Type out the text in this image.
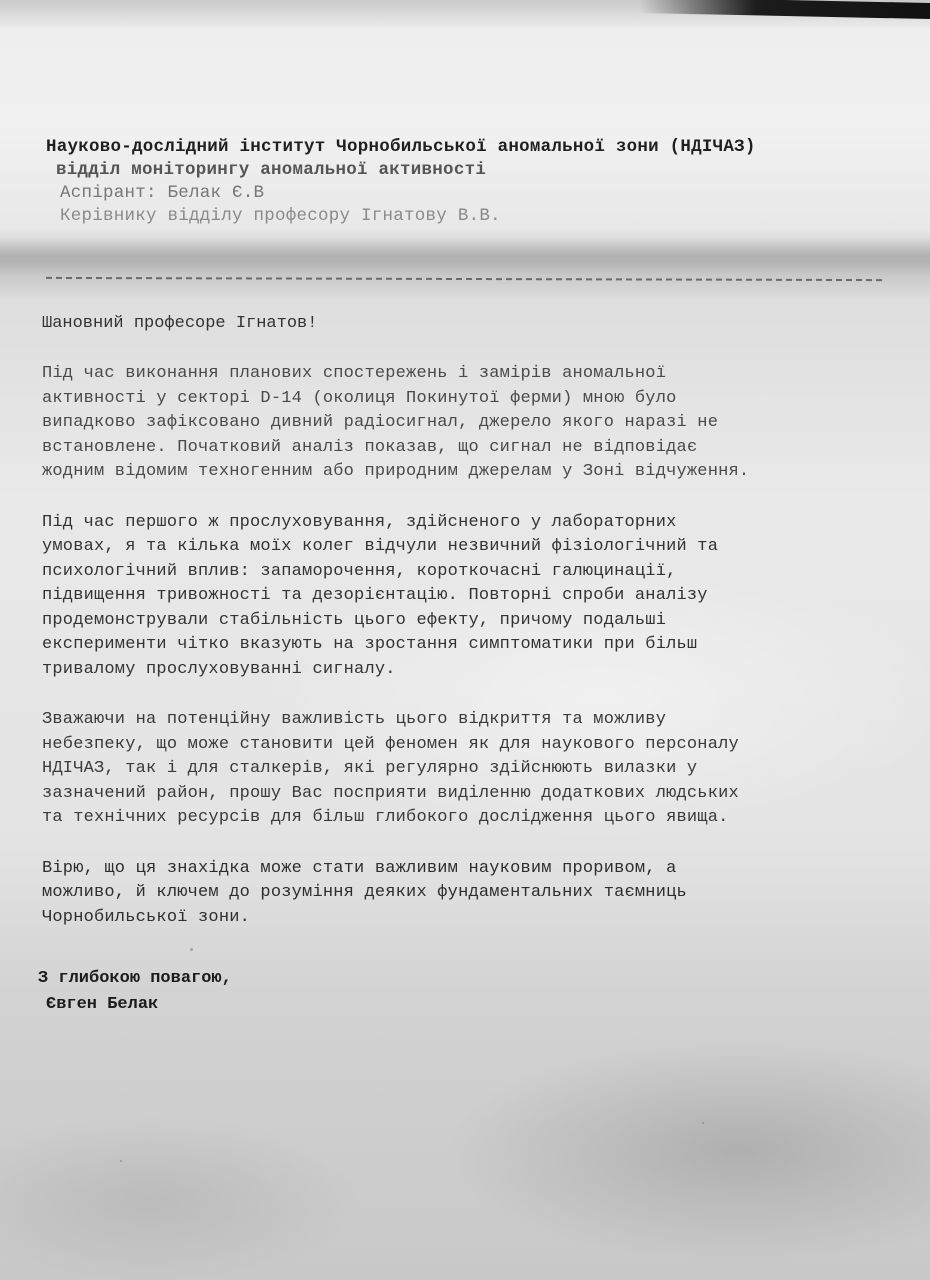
Науково-дослідний інститут Чорнобильської аномальної зони (НДІЧАЗ)
відділ моніторингу аномальної активності
Аспірант: Белак Є.В
Керівнику відділу професору Ігнатову В.В.
Шановний професоре Ігнатов!
Під час виконання планових спостережень і замірів аномальної
активності у секторі D-14 (околиця Покинутої ферми) мною було
випадково зафіксовано дивний радіосигнал, джерело якого наразі не
встановлене. Початковий аналіз показав, що сигнал не відповідає
жодним відомим техногенним або природним джерелам у Зоні відчуження.
Під час першого ж прослуховування, здійсненого у лабораторних
умовах, я та кілька моїх колег відчули незвичний фізіологічний та
психологічний вплив: запаморочення, короткочасні галюцинації,
підвищення тривожності та дезорієнтацію. Повторні спроби аналізу
продемонстрували стабільність цього ефекту, причому подальші
експерименти чітко вказують на зростання симптоматики при більш
тривалому прослуховуванні сигналу.
Зважаючи на потенційну важливість цього відкриття та можливу
небезпеку, що може становити цей феномен як для наукового персоналу
НДІЧАЗ, так і для сталкерів, які регулярно здійснюють вилазки у
зазначений район, прошу Вас посприяти виділенню додаткових людських
та технічних ресурсів для більш глибокого дослідження цього явища.
Вірю, що ця знахідка може стати важливим науковим проривом, а
можливо, й ключем до розуміння деяких фундаментальних таємниць
Чорнобильської зони.
З глибокою повагою,
Євген Белак
